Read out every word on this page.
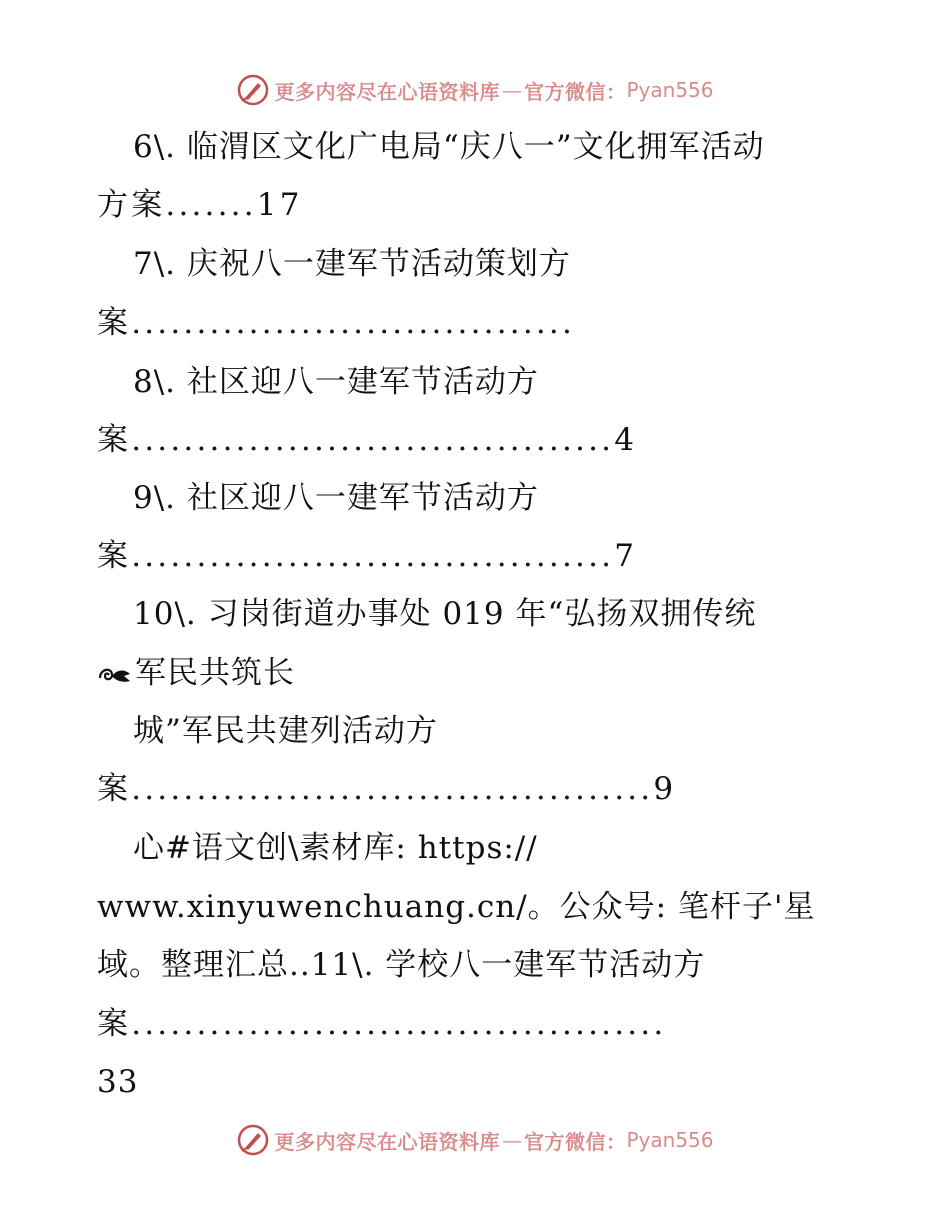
更多内容尽在心语资料库 — 官方微信： Pyan556
6\. 临渭区文化广电局“庆八一”文化拥军活动
方案.......17
7\. 庆祝八一建军节活动策划方
案..................................
8\. 社区迎八一建军节活动方
案.....................................4
9\. 社区迎八一建军节活动方
案.....................................7
10\. 习岗街道办事处 019 年“弘扬双拥传统
军民共筑长
城”军民共建列活动方
案........................................9
心#语文创\素材库: https://
www.xinyuwenchuang.cn/。公众号: 笔杆子'星
域。整理汇总..11\. 学校八一建军节活动方
案.........................................
33
更多内容尽在心语资料库 — 官方微信： Pyan556
